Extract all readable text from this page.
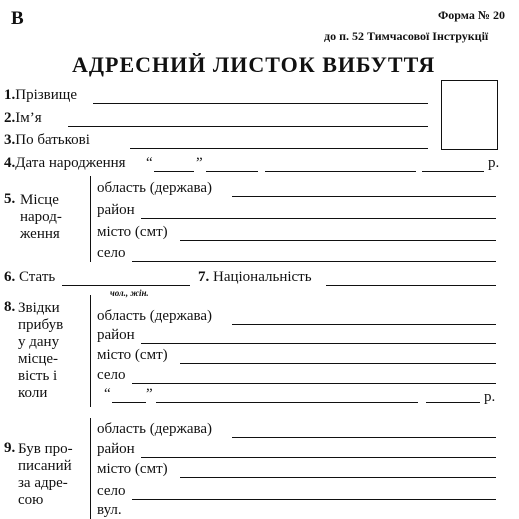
В	Форма № 20
до п. 52 Тимчасової Інструкції
АДРЕСНИЙ ЛИСТОК ВИБУТТЯ
1.Прізвище
2.Ім’я
3.По батькові
4.Дата народження “	”	р.
5. Місце
народ-
ження
область (держава)
район
місто (смт)
село
6. Стать
чол., жін.
7. Національність
8. Звідки
прибув
у дану
місце-
вість і
коли
область (держава)
район
місто (смт)
село
“ ”	р.
9. Був про-
писаний
за адре-
сою
область (держава)
район
місто (смт)
село
вул.
